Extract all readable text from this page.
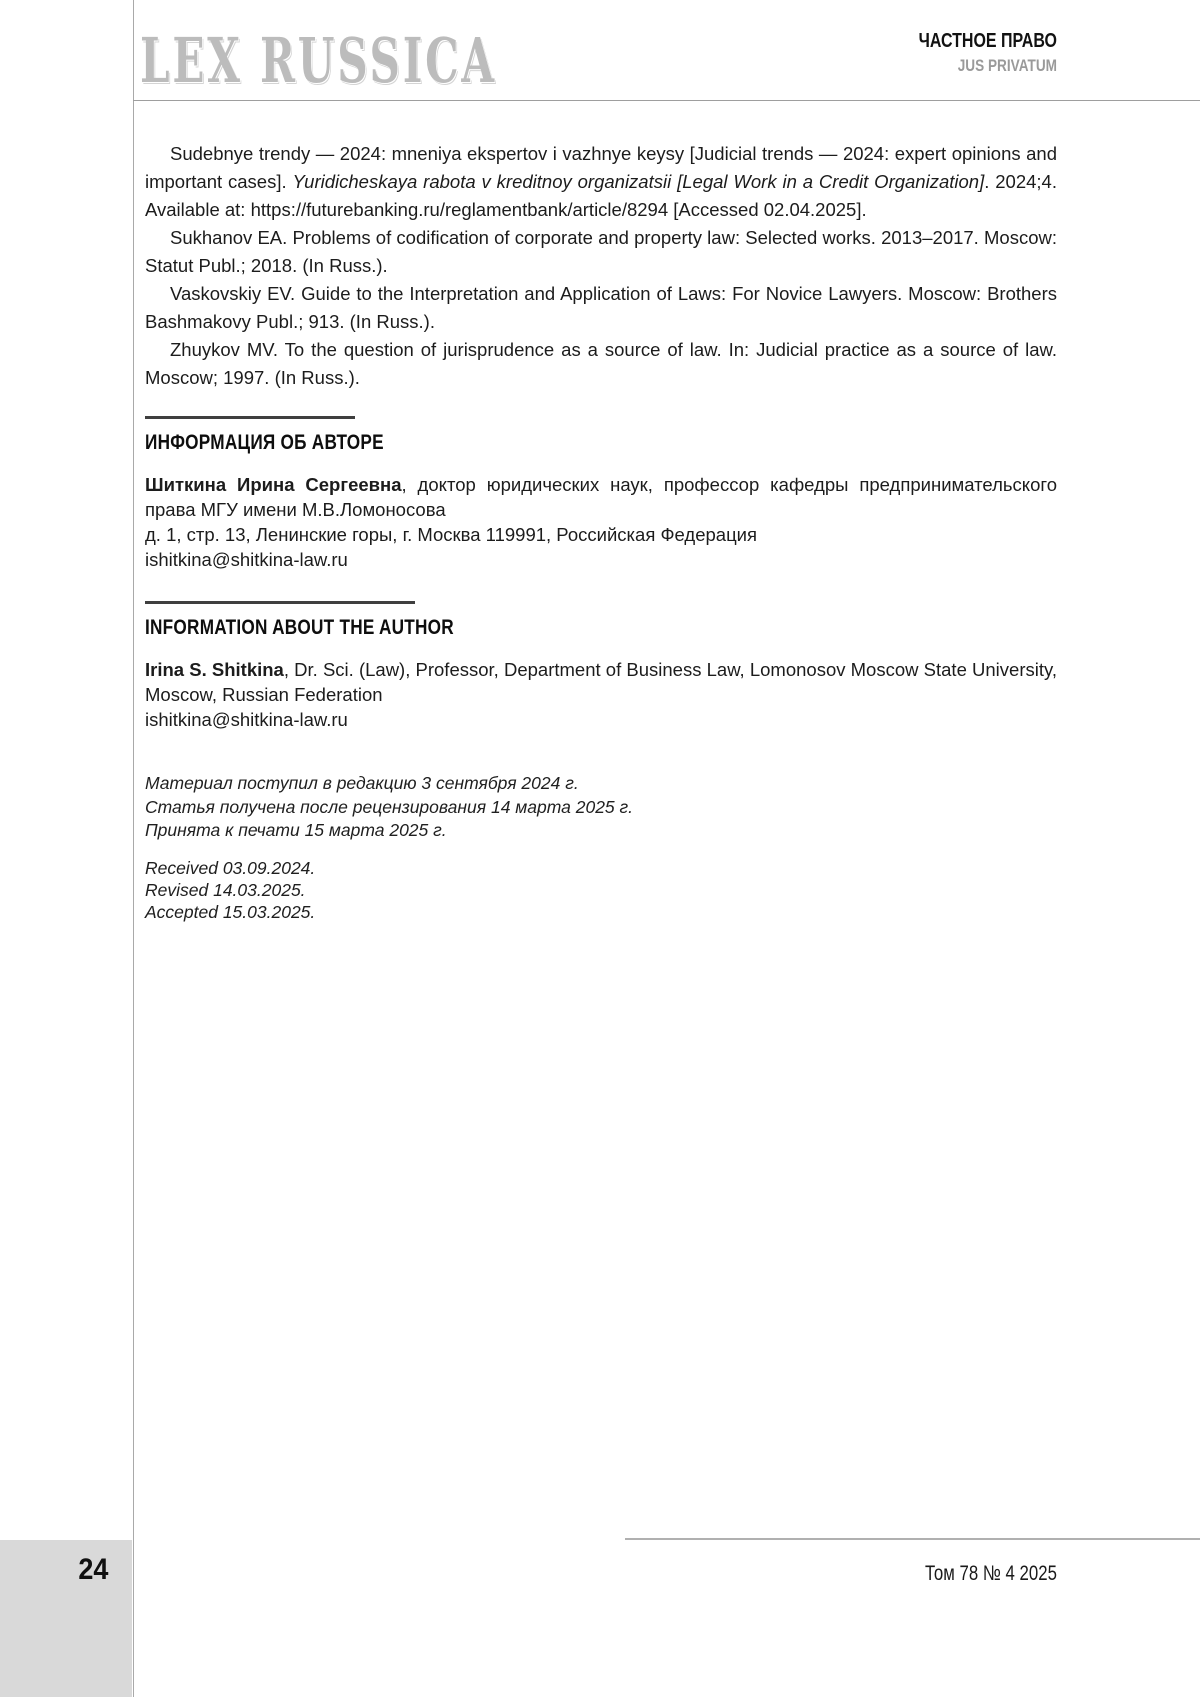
LEX RUSSICA	ЧАСТНОЕ ПРАВО
JUS PRIVATUM

Sudebnye trendy — 2024: mneniya ekspertov i vazhnye keysy [Judicial trends — 2024: expert opinions and important cases]. Yuridicheskaya rabota v kreditnoy organizatsii [Legal Work in a Credit Organization]. 2024;4. Available at: https://futurebanking.ru/reglamentbank/article/8294 [Accessed 02.04.2025].

Sukhanov EA. Problems of codification of corporate and property law: Selected works. 2013–2017. Moscow: Statut Publ.; 2018. (In Russ.).

Vaskovskiy EV. Guide to the Interpretation and Application of Laws: For Novice Lawyers. Moscow: Brothers Bashmakovy Publ.; 913. (In Russ.).

Zhuykov MV. To the question of jurisprudence as a source of law. In: Judicial practice as a source of law. Moscow; 1997. (In Russ.).

ИНФОРМАЦИЯ ОБ АВТОРЕ

Шиткина Ирина Сергеевна, доктор юридических наук, профессор кафедры предпринимательского права МГУ имени М.В.Ломоносова

д. 1, стр. 13, Ленинские горы, г. Москва 119991, Российская Федерация
ishitkina@shitkina-law.ru
INFORMATION ABOUT THE AUTHOR

Irina S. Shitkina, Dr. Sci. (Law), Professor, Department of Business Law, Lomonosov Moscow State University, Moscow, Russian Federation

ishitkina@shitkina-law.ru
Материал поступил в редакцию 3 сентября 2024 г.
Статья получена после рецензирования 14 марта 2025 г.
Принята к печати 15 марта 2025 г.
Received 03.09.2024.
Revised 14.03.2025.
Accepted 15.03.2025.
Том 78 № 4 2025
24
